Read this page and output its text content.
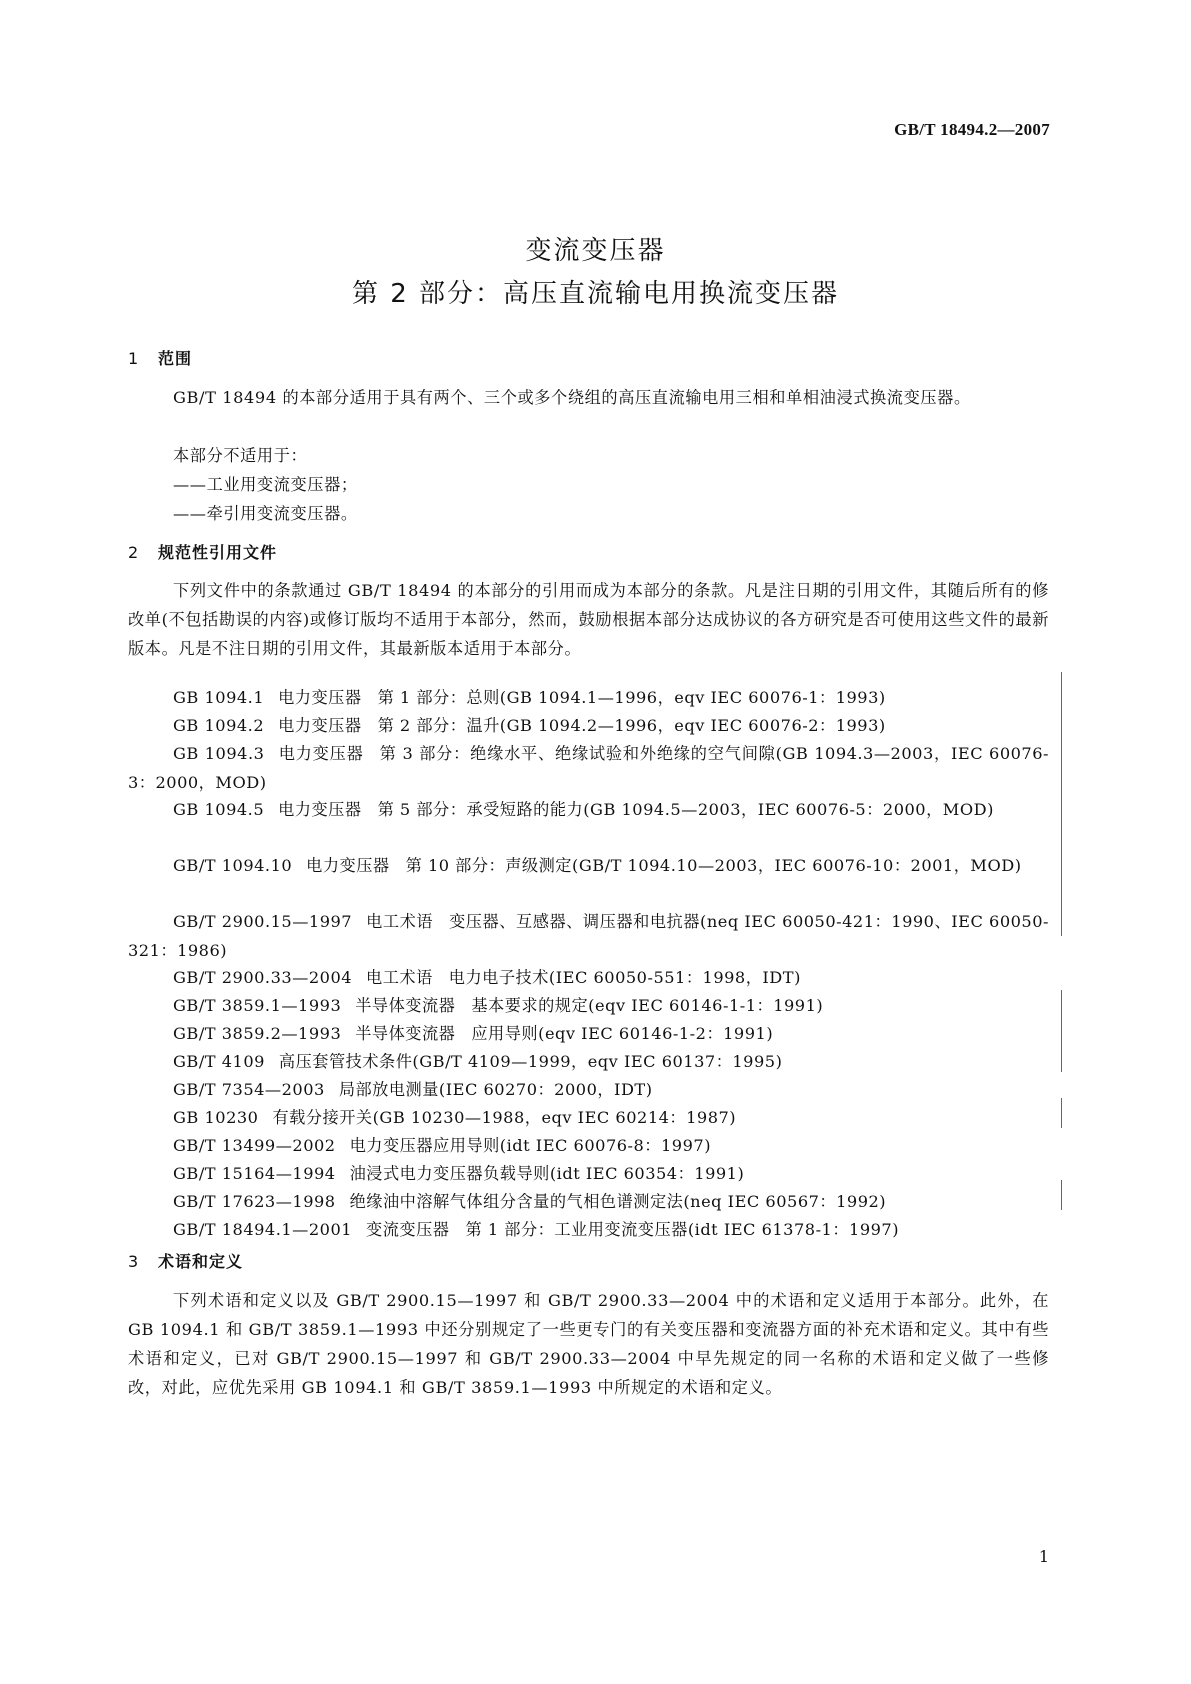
GB/T 18494.2—2007
变流变压器
第 2 部分：高压直流输电用换流变压器
1 范围
GB/T 18494 的本部分适用于具有两个、三个或多个绕组的高压直流输电用三相和单相油浸式换流变压器。
本部分不适用于：
——工业用变流变压器；
——牵引用变流变压器。
2 规范性引用文件
下列文件中的条款通过 GB/T 18494 的本部分的引用而成为本部分的条款。凡是注日期的引用文件，其随后所有的修改单(不包括勘误的内容)或修订版均不适用于本部分，然而，鼓励根据本部分达成协议的各方研究是否可使用这些文件的最新版本。凡是不注日期的引用文件，其最新版本适用于本部分。
GB 1094.1 电力变压器 第 1 部分：总则(GB 1094.1—1996，eqv IEC 60076-1：1993)
GB 1094.2 电力变压器 第 2 部分：温升(GB 1094.2—1996，eqv IEC 60076-2：1993)
GB 1094.3 电力变压器 第 3 部分：绝缘水平、绝缘试验和外绝缘的空气间隙(GB 1094.3—2003，IEC 60076-3：2000，MOD)
GB 1094.5 电力变压器 第 5 部分：承受短路的能力(GB 1094.5—2003，IEC 60076-5：2000，MOD)
GB/T 1094.10 电力变压器 第 10 部分：声级测定(GB/T 1094.10—2003，IEC 60076-10：2001，MOD)
GB/T 2900.15—1997 电工术语 变压器、互感器、调压器和电抗器(neq IEC 60050-421：1990、IEC 60050-321：1986)
GB/T 2900.33—2004 电工术语 电力电子技术(IEC 60050-551：1998，IDT)
GB/T 3859.1—1993 半导体变流器 基本要求的规定(eqv IEC 60146-1-1：1991)
GB/T 3859.2—1993 半导体变流器 应用导则(eqv IEC 60146-1-2：1991)
GB/T 4109 高压套管技术条件(GB/T 4109—1999，eqv IEC 60137：1995)
GB/T 7354—2003 局部放电测量(IEC 60270：2000，IDT)
GB 10230 有载分接开关(GB 10230—1988，eqv IEC 60214：1987)
GB/T 13499—2002 电力变压器应用导则(idt IEC 60076-8：1997)
GB/T 15164—1994 油浸式电力变压器负载导则(idt IEC 60354：1991)
GB/T 17623—1998 绝缘油中溶解气体组分含量的气相色谱测定法(neq IEC 60567：1992)
GB/T 18494.1—2001 变流变压器 第 1 部分：工业用变流变压器(idt IEC 61378-1：1997)
3 术语和定义
下列术语和定义以及 GB/T 2900.15—1997 和 GB/T 2900.33—2004 中的术语和定义适用于本部分。此外，在 GB 1094.1 和 GB/T 3859.1—1993 中还分别规定了一些更专门的有关变压器和变流器方面的补充术语和定义。其中有些术语和定义，已对 GB/T 2900.15—1997 和 GB/T 2900.33—2004 中早先规定的同一名称的术语和定义做了一些修改，对此，应优先采用 GB 1094.1 和 GB/T 3859.1—1993 中所规定的术语和定义。
1
